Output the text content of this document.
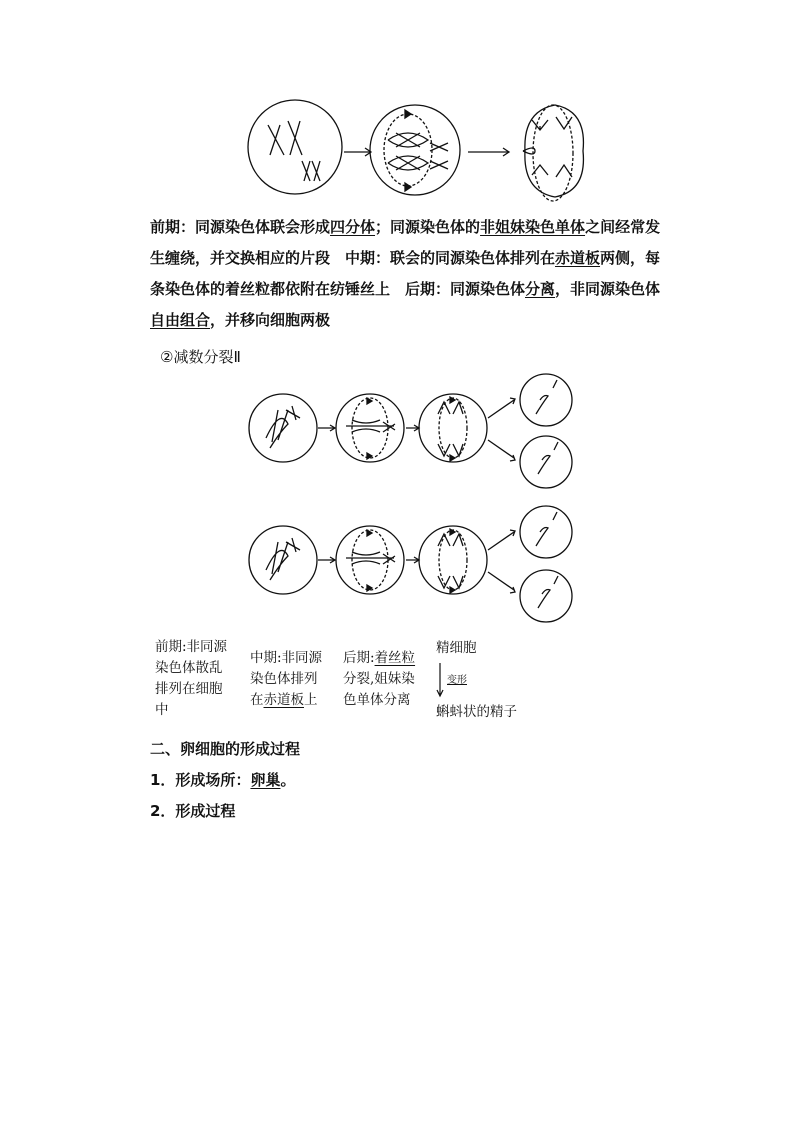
前期：同源染色体联会形成四分体；同源染色体的非姐妹染色单体之间经常发生缠绕，并交换相应的片段　中期：联会的同源染色体排列在赤道板两侧，每条染色体的着丝粒都依附在纺锤丝上　后期：同源染色体分离，非同源染色体自由组合，并移向细胞两极
②减数分裂Ⅱ
前期:非同源
染色体散乱
排列在细胞
中
中期:非同源
染色体排列
在赤道板上
后期:着丝粒
分裂,姐妹染
色单体分离
精细胞
变形
蝌蚪状的精子
二、卵细胞的形成过程
1．形成场所：卵巢。
2．形成过程
